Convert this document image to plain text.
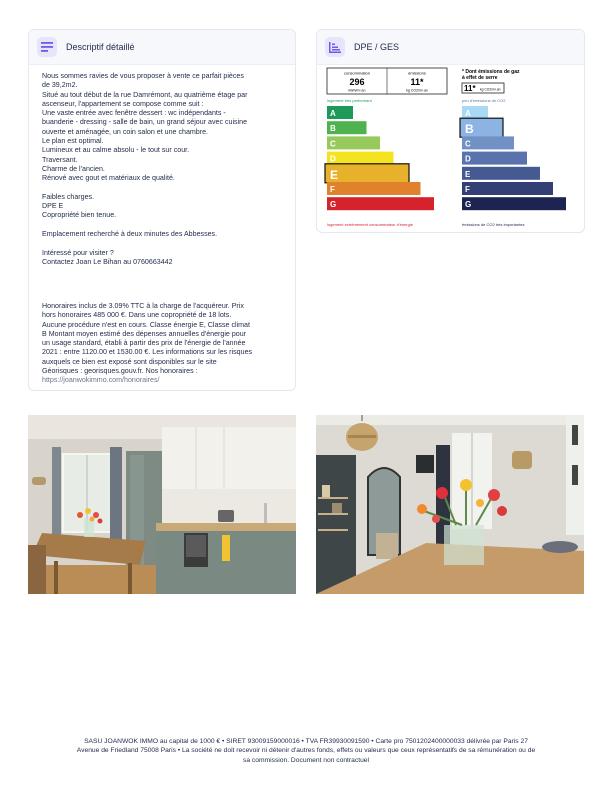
Descriptif détaillé

Nous sommes ravies de vous proposer à vente ce parfait pièces

de 39,2m2.

Situé au tout début de la rue Damrémont, au quatrième étage par

ascenseur, l'appartement se compose comme suit :

Une vaste entrée avec fenêtre dessert : wc indépendants -

buanderie - dressing - salle de bain, un grand séjour avec cuisine

ouverte et aménagée, un coin salon et une chambre.

Le plan est optimal.

Lumineux et au calme absolu - le tout sur cour.

Traversant.

Charme de l'ancien.

Rénové avec gout et matériaux de qualité.

Faibles charges.

DPE E

Copropriété bien tenue.

Emplacement recherché à deux minutes des Abbesses.

Intéressé pour visiter ?

Contactez Joan Le Bihan au 0760663442

Honoraires inclus de 3.09% TTC à la charge de l'acquéreur. Prix
hors honoraires 485 000 €. Dans une copropriété de 18 lots.
Aucune procédure n'est en cours. Classe énergie E, Classe climat
B Montant moyen estimé des dépenses annuelles d'énergie pour
un usage standard, établi à partir des prix de l'énergie de l'année
2021 : entre 1120.00 et 1530.00 €. Les informations sur les risques
auxquels ce bien est exposé sont disponibles sur le site
Géorisques : georisques.gouv.fr. Nos honoraires :
https://joanwokimmo.com/honoraires/
DPE / GES
consommation
296
kWh/m².an
émissions
11*
kg CO2/m².an
logement très performant
A
B
C
D
E
F
G
logement extrêmement consommateur d'énergie
* Dont émissions de gaz
à effet de serre
11* kg CO2/m².an
peu d'émissions de CO2
A
B
C
D
E
F
G
émissions de CO2 très importantes
SASU JOANWOK IMMO au capital de 1000 € • SIRET 93009159000016 • TVA FR39930091590 • Carte pro 7501202400000033 délivrée par Paris 27
Avenue de Friedland 75008 Paris • La société ne doit recevoir ni détenir d'autres fonds, effets ou valeurs que ceux représentatifs de sa rémunération ou de
sa commission. Document non contractuel
